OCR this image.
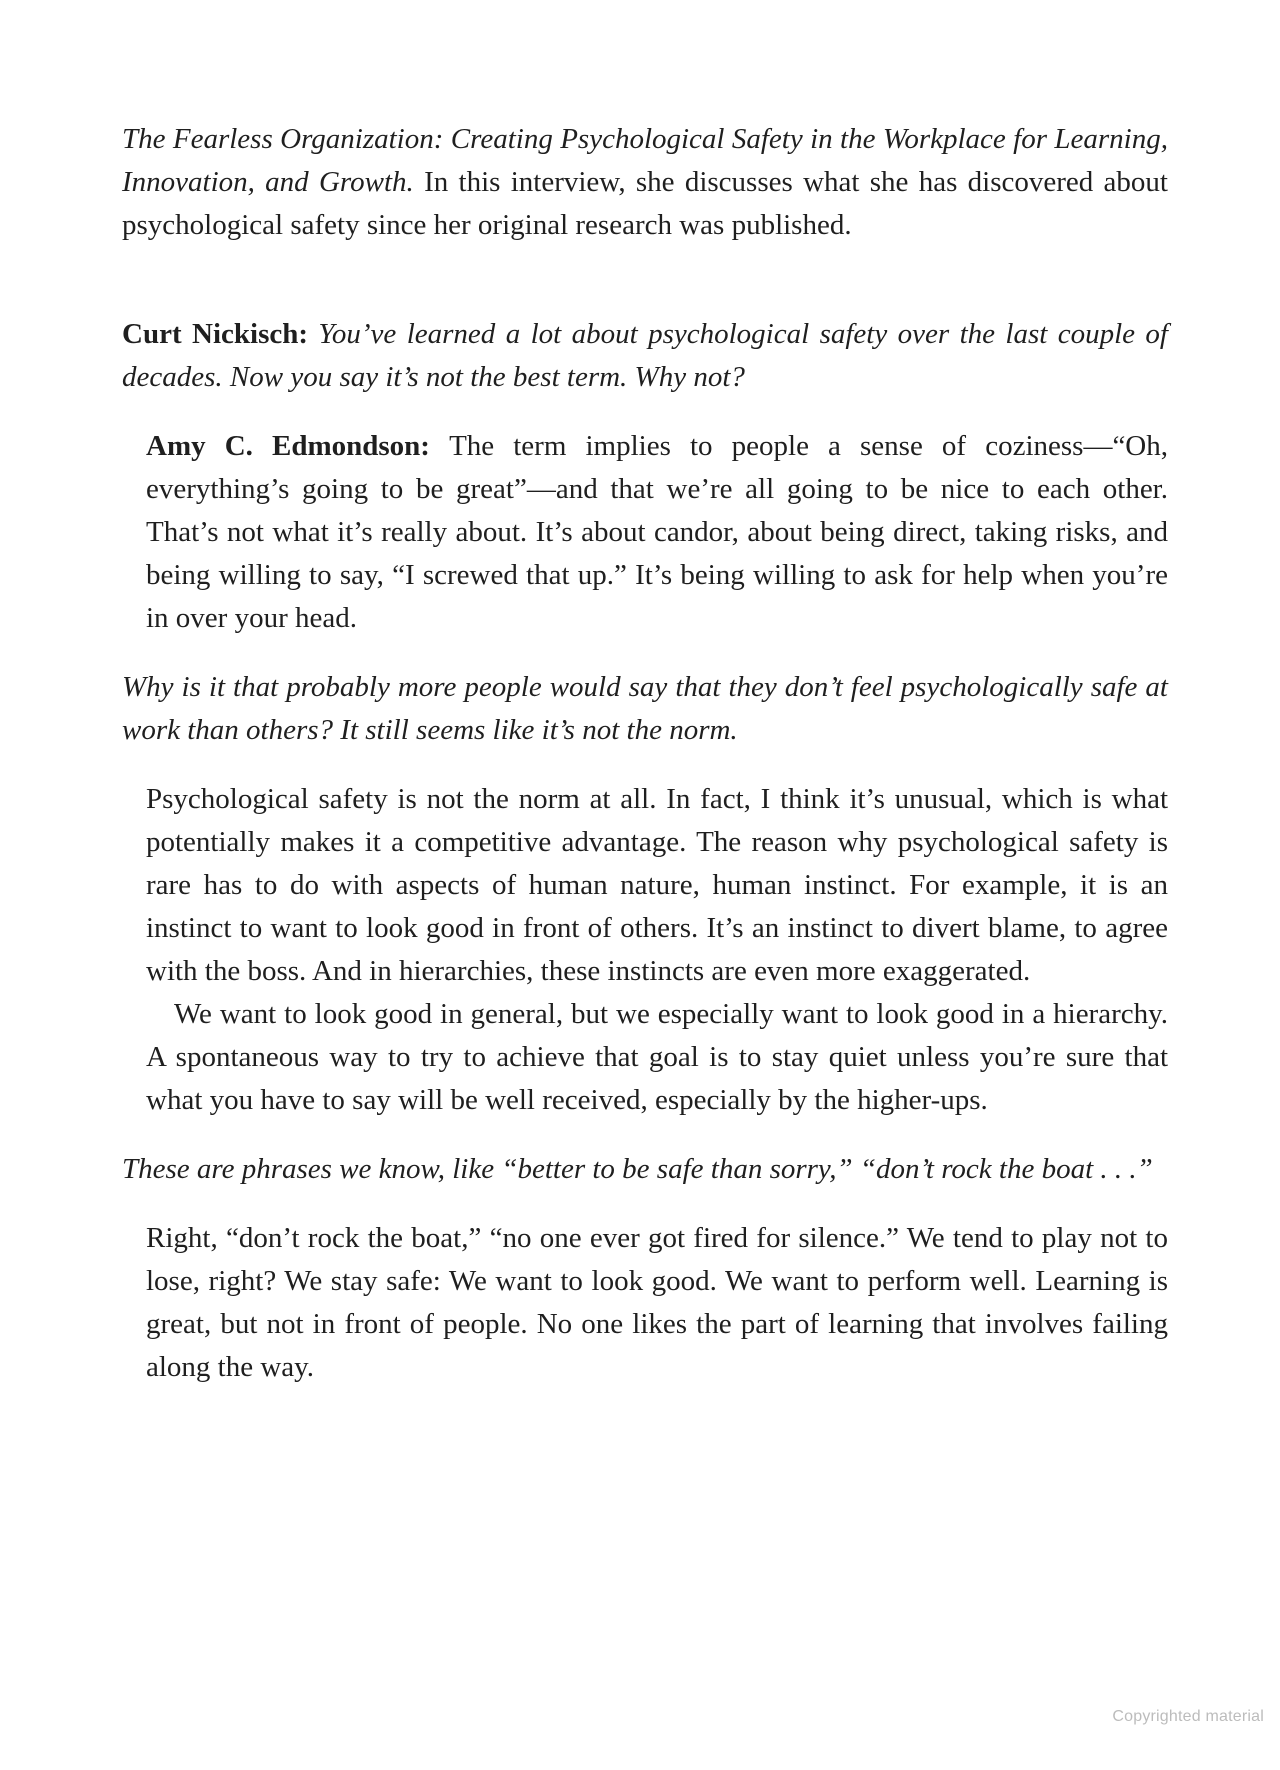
The Fearless Organization: Creating Psychological Safety in the Workplace for Learning, Innovation, and Growth. In this interview, she discusses what she has discovered about psychological safety since her original research was published.

Curt Nickisch: You’ve learned a lot about psychological safety over the last couple of decades. Now you say it’s not the best term. Why not?

Amy C. Edmondson: The term implies to people a sense of coziness—“Oh, everything’s going to be great”—and that we’re all going to be nice to each other. That’s not what it’s really about. It’s about candor, about being direct, taking risks, and being willing to say, “I screwed that up.” It’s being willing to ask for help when you’re in over your head.

Why is it that probably more people would say that they don’t feel psychologically safe at work than others? It still seems like it’s not the norm.

Psychological safety is not the norm at all. In fact, I think it’s unusual, which is what potentially makes it a competitive advantage. The reason why psychological safety is rare has to do with aspects of human nature, human instinct. For example, it is an instinct to want to look good in front of others. It’s an instinct to divert blame, to agree with the boss. And in hierarchies, these instincts are even more exaggerated.

We want to look good in general, but we especially want to look good in a hierarchy. A spontaneous way to try to achieve that goal is to stay quiet unless you’re sure that what you have to say will be well received, especially by the higher-ups.

These are phrases we know, like “better to be safe than sorry,” “don’t rock the boat . . .”

Right, “don’t rock the boat,” “no one ever got fired for silence.” We tend to play not to lose, right? We stay safe: We want to look good. We want to perform well. Learning is great, but not in front of people. No one likes the part of learning that involves failing along the way.

Copyrighted material
